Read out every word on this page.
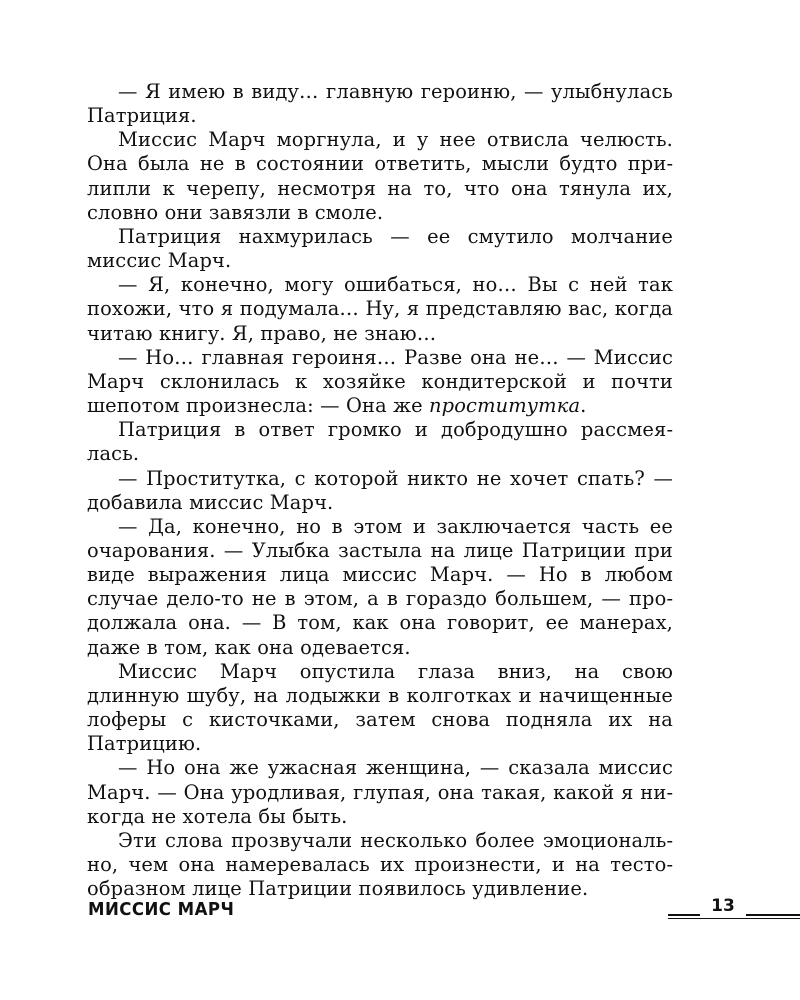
— Я имею в виду… главную героиню, — улыбнулась Патриция.

Миссис Марч моргнула, и у нее отвисла челюсть. Она была не в состоянии ответить, мысли будто прилипли к черепу, несмотря на то, что она тянула их, словно они завязли в смоле.

Патриция нахмурилась — ее смутило молчание миссис Марч.

— Я, конечно, могу ошибаться, но… Вы с ней так похожи, что я подумала… Ну, я представляю вас, когда читаю книгу. Я, право, не знаю…

— Но… главная героиня… Разве она не… — Миссис Марч склонилась к хозяйке кондитерской и почти шепотом произнесла: — Она же проститутка.

Патриция в ответ громко и добродушно рассмеялась.

— Проститутка, с которой никто не хочет спать? — добавила миссис Марч.

— Да, конечно, но в этом и заключается часть ее очарования. — Улыбка застыла на лице Патриции при виде выражения лица миссис Марч. — Но в любом случае дело-то не в этом, а в гораздо большем, — продолжала она. — В том, как она говорит, ее манерах, даже в том, как она одевается.

Миссис Марч опустила глаза вниз, на свою длинную шубу, на лодыжки в колготках и начищенные лоферы с кисточками, затем снова подняла их на Патрицию.

— Но она же ужасная женщина, — сказала миссис Марч. — Она уродливая, глупая, она такая, какой я никогда не хотела бы быть.

Эти слова прозвучали несколько более эмоционально, чем она намеревалась их произнести, и на тестообразном лице Патриции появилось удивление.

МИССИС МАРЧ	13
